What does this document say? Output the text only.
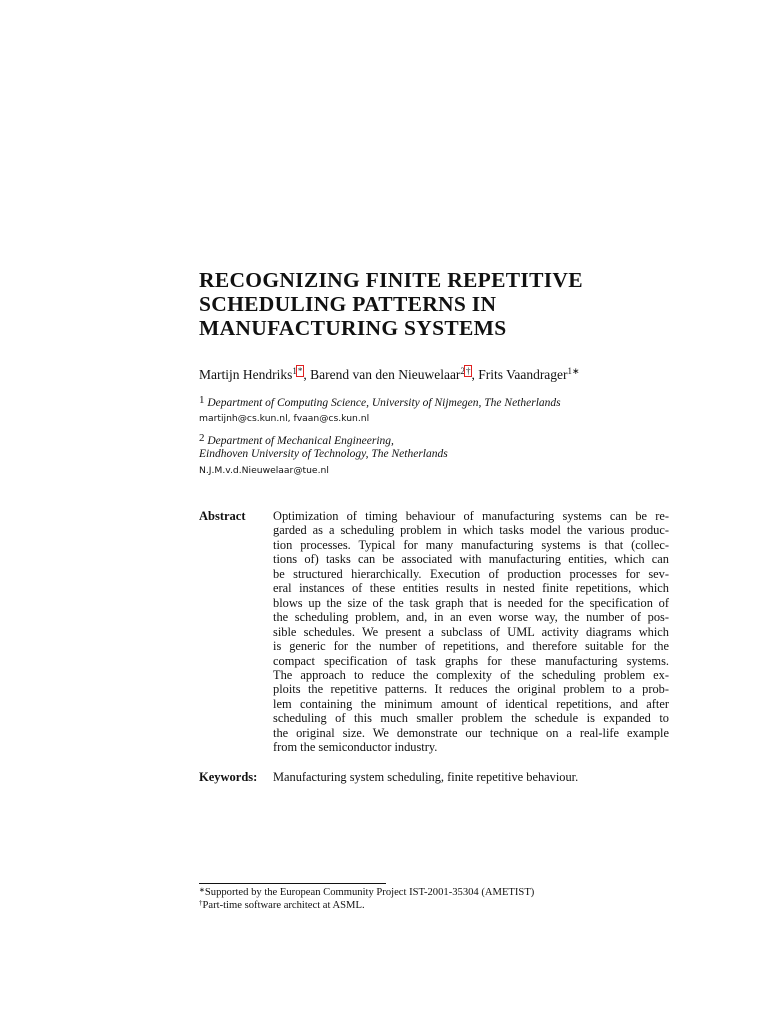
RECOGNIZING FINITE REPETITIVE
SCHEDULING PATTERNS IN
MANUFACTURING SYSTEMS
Martijn Hendriks$^{1*}$, Barend van den Nieuwelaar$^{2\dagger}$, Frits Vaandrager$^{1∗}$
1 Department of Computing Science, University of Nijmegen, The Netherlands
martijnh@cs.kun.nl, fvaan@cs.kun.nl
2 Department of Mechanical Engineering,
Eindhoven University of Technology, The Netherlands
N.J.M.v.d.Nieuwelaar@tue.nl
Abstract Optimization of timing behaviour of manufacturing systems can be re-
garded as a scheduling problem in which tasks model the various produc-
tion processes. Typical for many manufacturing systems is that (collec-
tions of) tasks can be associated with manufacturing entities, which can
be structured hierarchically. Execution of production processes for sev-
eral instances of these entities results in nested finite repetitions, which
blows up the size of the task graph that is needed for the specification of
the scheduling problem, and, in an even worse way, the number of pos-
sible schedules. We present a subclass of UML activity diagrams which
is generic for the number of repetitions, and therefore suitable for the
compact specification of task graphs for these manufacturing systems.
The approach to reduce the complexity of the scheduling problem ex-
ploits the repetitive patterns. It reduces the original problem to a prob-
lem containing the minimum amount of identical repetitions, and after
scheduling of this much smaller problem the schedule is expanded to
the original size. We demonstrate our technique on a real-life example
from the semiconductor industry.
Keywords: Manufacturing system scheduling, finite repetitive behaviour.
∗Supported by the European Community Project IST-2001-35304 (AMETIST)
†Part-time software architect at ASML.
